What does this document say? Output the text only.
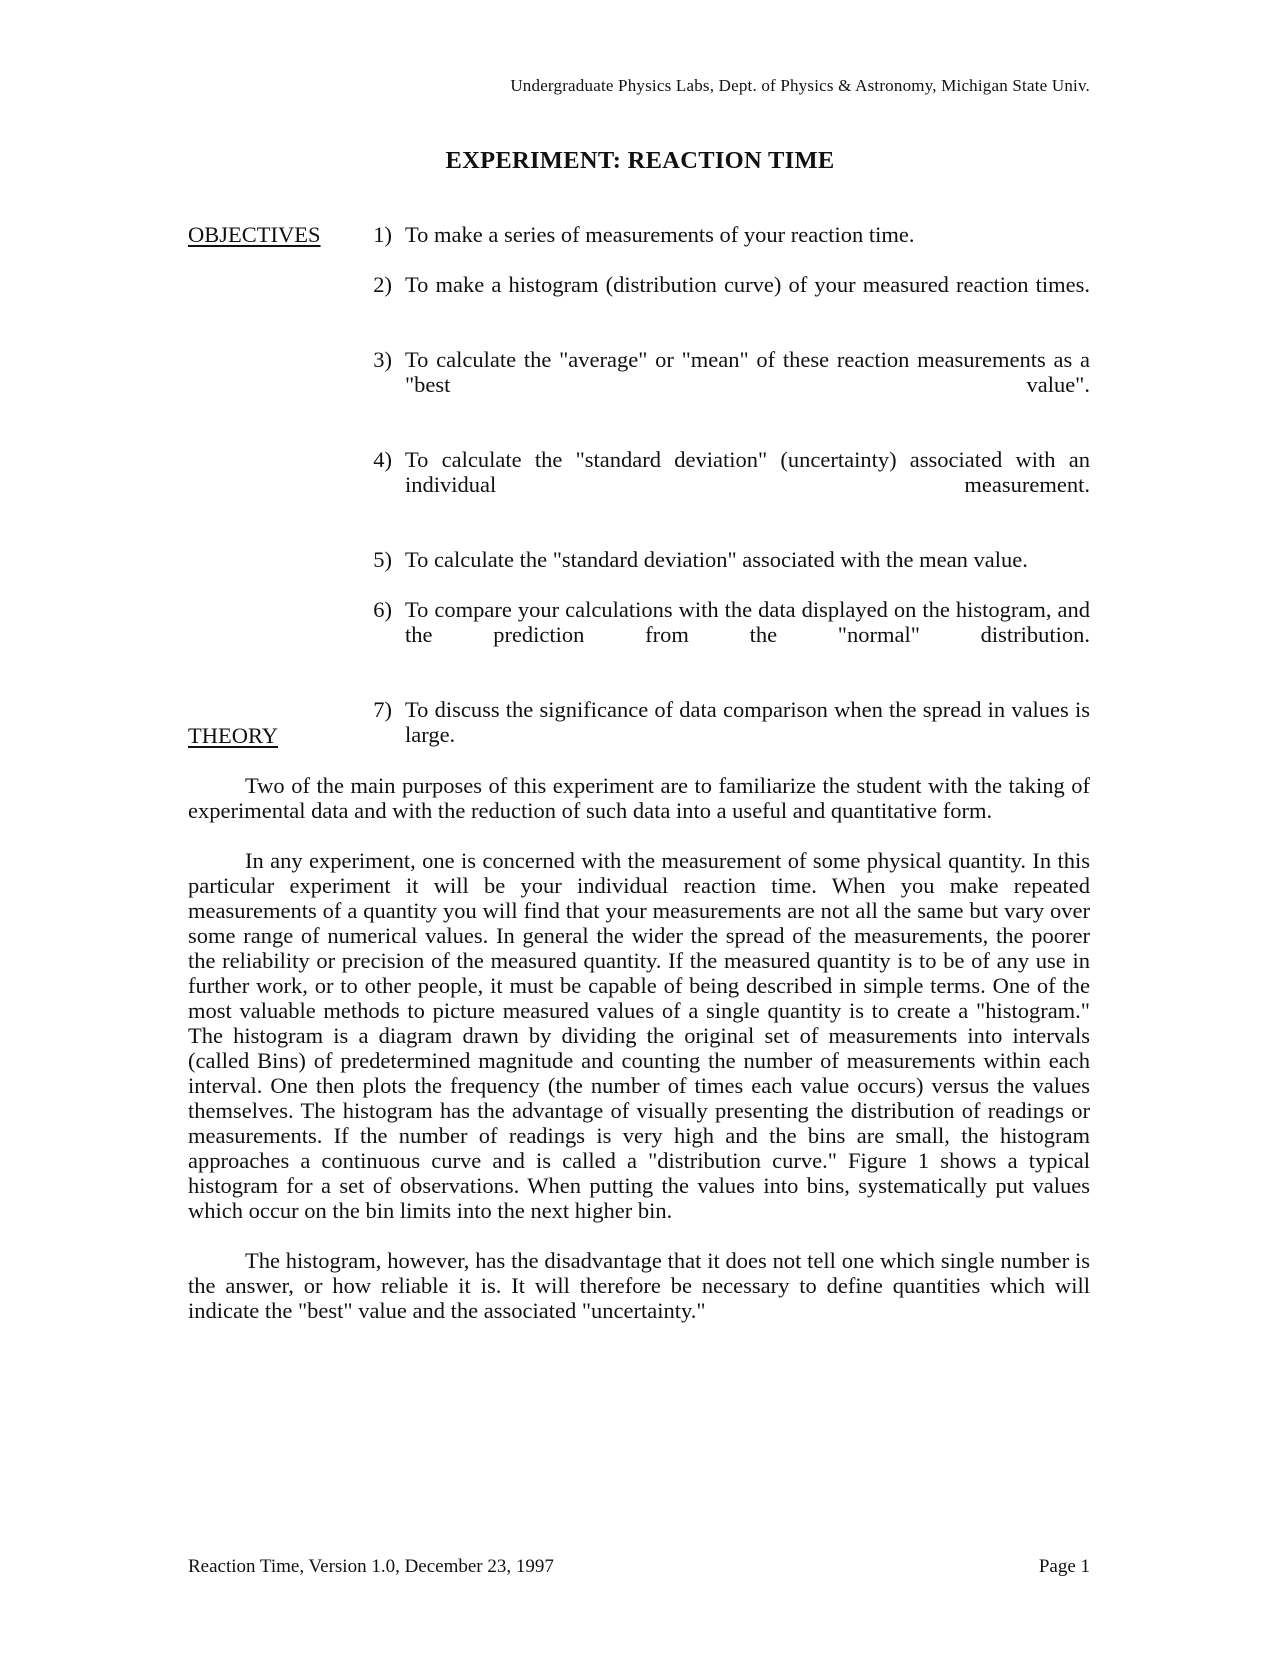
Undergraduate Physics Labs, Dept. of Physics & Astronomy, Michigan State Univ.
EXPERIMENT: REACTION TIME
OBJECTIVES	1) To make a series of measurements of your reaction time.
2) To make a histogram (distribution curve) of your measured reaction times.
3) To calculate the "average" or "mean" of these reaction measurements as a "best value".
4) To calculate the "standard deviation" (uncertainty) associated with an individual measurement.
5) To calculate the "standard deviation" associated with the mean value.
6) To compare your calculations with the data displayed on the histogram, and the prediction from the "normal" distribution.
7) To discuss the significance of data comparison when the spread in values is large.
THEORY

Two of the main purposes of this experiment are to familiarize the student with the taking of experimental data and with the reduction of such data into a useful and quantitative form.

In any experiment, one is concerned with the measurement of some physical quantity. In this particular experiment it will be your individual reaction time. When you make repeated measurements of a quantity you will find that your measurements are not all the same but vary over some range of numerical values. In general the wider the spread of the measurements, the poorer the reliability or precision of the measured quantity. If the measured quantity is to be of any use in further work, or to other people, it must be capable of being described in simple terms. One of the most valuable methods to picture measured values of a single quantity is to create a "histogram." The histogram is a diagram drawn by dividing the original set of measurements into intervals (called Bins) of predetermined magnitude and counting the number of measurements within each interval. One then plots the frequency (the number of times each value occurs) versus the values themselves. The histogram has the advantage of visually presenting the distribution of readings or measurements. If the number of readings is very high and the bins are small, the histogram approaches a continuous curve and is called a "distribution curve." Figure 1 shows a typical histogram for a set of observations. When putting the values into bins, systematically put values which occur on the bin limits into the next higher bin.

The histogram, however, has the disadvantage that it does not tell one which single number is the answer, or how reliable it is. It will therefore be necessary to define quantities which will indicate the "best" value and the associated "uncertainty."

Reaction Time, Version 1.0, December 23, 1997	Page 1
